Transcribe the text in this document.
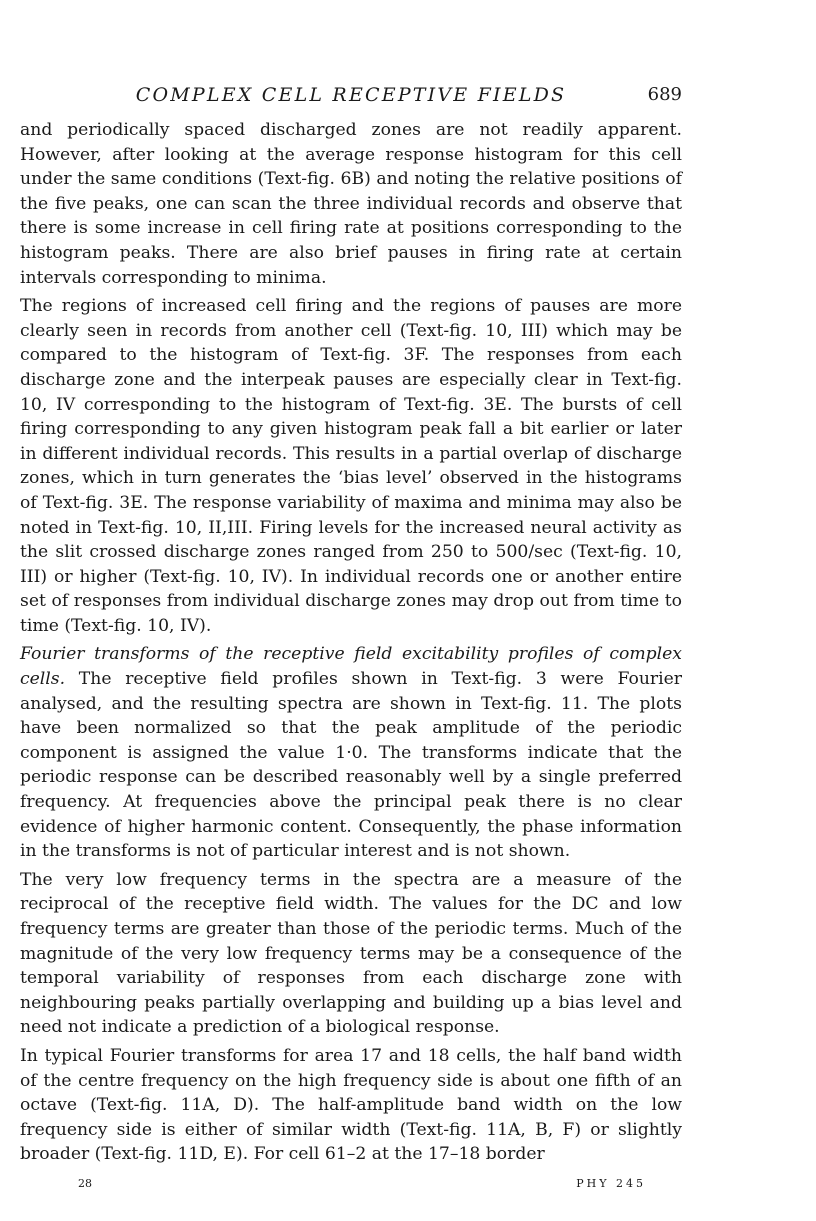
COMPLEX CELL RECEPTIVE FIELDS	689

and periodically spaced discharged zones are not readily apparent. However, after looking at the average response histogram for this cell under the same conditions (Text-fig. 6B) and noting the relative positions of the five peaks, one can scan the three individual records and observe that there is some increase in cell firing rate at positions corresponding to the histogram peaks. There are also brief pauses in firing rate at certain intervals corresponding to minima.

The regions of increased cell firing and the regions of pauses are more clearly seen in records from another cell (Text-fig. 10, III) which may be compared to the histogram of Text-fig. 3F. The responses from each discharge zone and the interpeak pauses are especially clear in Text-fig. 10, IV corresponding to the histogram of Text-fig. 3E. The bursts of cell firing corresponding to any given histogram peak fall a bit earlier or later in different individual records. This results in a partial overlap of discharge zones, which in turn generates the ‘bias level’ observed in the histograms of Text-fig. 3E. The response variability of maxima and minima may also be noted in Text-fig. 10, II,III. Firing levels for the increased neural activity as the slit crossed discharge zones ranged from 250 to 500/sec (Text-fig. 10, III) or higher (Text-fig. 10, IV). In individual records one or another entire set of responses from individual discharge zones may drop out from time to time (Text-fig. 10, IV).

Fourier transforms of the receptive field excitability profiles of complex cells. The receptive field profiles shown in Text-fig. 3 were Fourier analysed, and the resulting spectra are shown in Text-fig. 11. The plots have been normalized so that the peak amplitude of the periodic component is assigned the value 1·0. The transforms indicate that the periodic response can be described reasonably well by a single preferred frequency. At frequencies above the principal peak there is no clear evidence of higher harmonic content. Consequently, the phase information in the transforms is not of particular interest and is not shown.

The very low frequency terms in the spectra are a measure of the reciprocal of the receptive field width. The values for the DC and low frequency terms are greater than those of the periodic terms. Much of the magnitude of the very low frequency terms may be a consequence of the temporal variability of responses from each discharge zone with neighbouring peaks partially overlapping and building up a bias level and need not indicate a prediction of a biological response.

In typical Fourier transforms for area 17 and 18 cells, the half band width of the centre frequency on the high frequency side is about one fifth of an octave (Text-fig. 11A, D). The half-amplitude band width on the low frequency side is either of similar width (Text-fig. 11A, B, F) or slightly broader (Text-fig. 11D, E). For cell 61–2 at the 17–18 border

28	PHY 245
